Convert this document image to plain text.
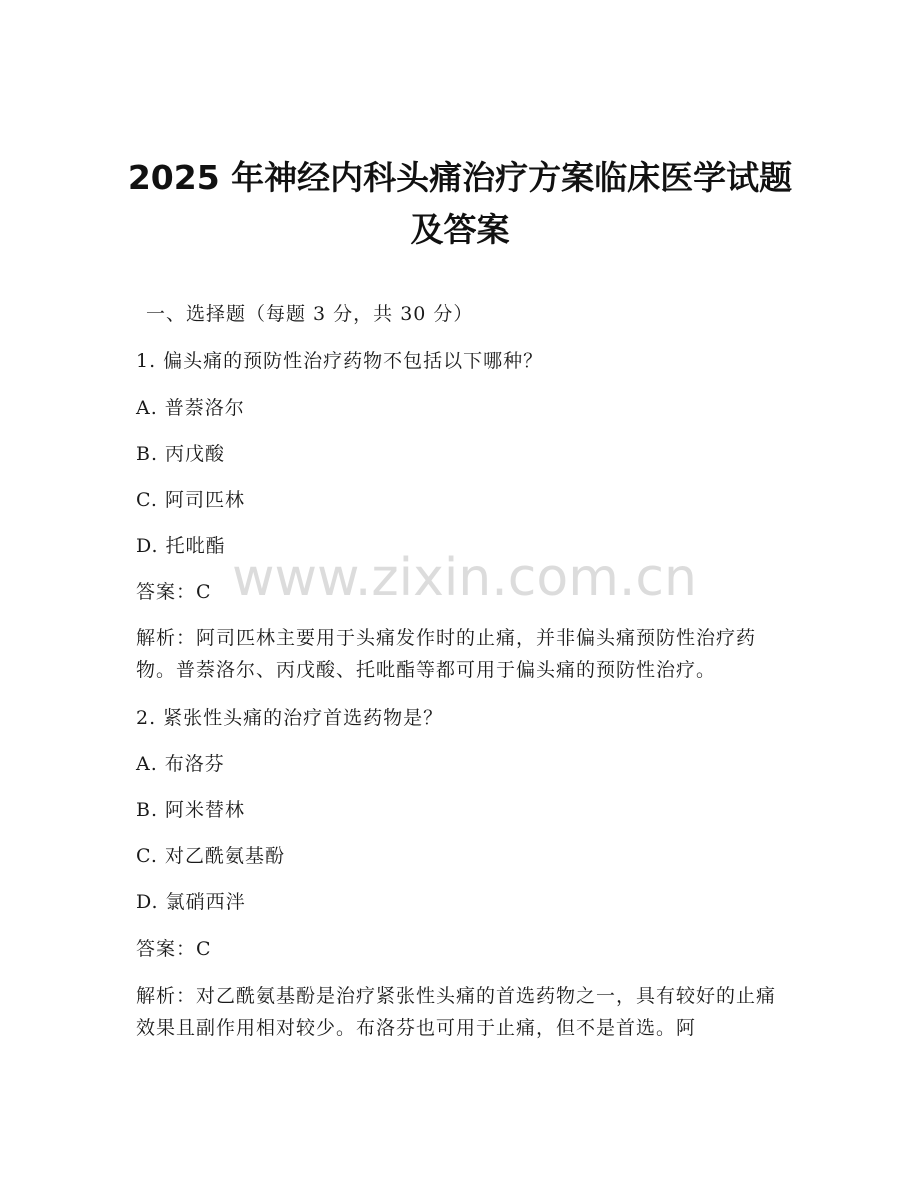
2025 年神经内科头痛治疗方案临床医学试题
及答案
一、选择题（每题 3 分，共 30 分）
1. 偏头痛的预防性治疗药物不包括以下哪种？
A. 普萘洛尔
B. 丙戊酸
C. 阿司匹林
D. 托吡酯
答案：C
解析：阿司匹林主要用于头痛发作时的止痛，并非偏头痛预防性治疗药物。普萘洛尔、丙戊酸、托吡酯等都可用于偏头痛的预防性治疗。
2. 紧张性头痛的治疗首选药物是？
A. 布洛芬
B. 阿米替林
C. 对乙酰氨基酚
D. 氯硝西泮
答案：C
解析：对乙酰氨基酚是治疗紧张性头痛的首选药物之一，具有较好的止痛效果且副作用相对较少。布洛芬也可用于止痛，但不是首选。阿
www.zixin.com.cn
